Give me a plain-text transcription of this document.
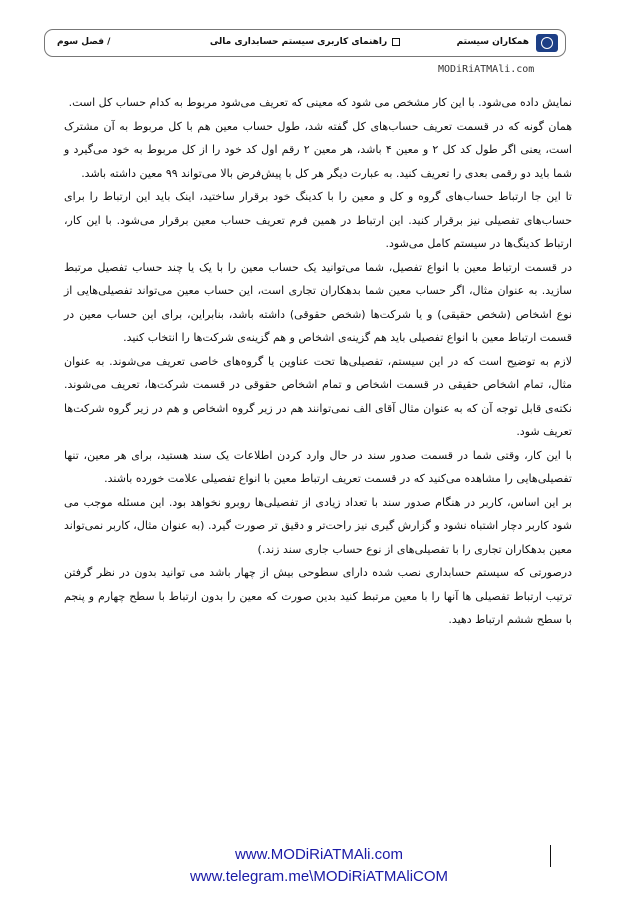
همکاران سیستم
راهنمای کاربری سیستم حسابداری مالی
/ فصل سوم
MODiRiATMAli.com

نمایش داده می‌شود. با این کار مشخص می شود که معینی که تعریف می‌شود مربوط به کدام حساب کل است.

همان گونه که در قسمت تعریف حساب‌های کل گفته شد، طول حساب معین هم با کل مربوط به آن مشترک است، یعنی اگر طول کد کل ۲ و معین ۴ باشد، هر معین ۲ رقم اول کد خود را از کل مربوط به خود می‌گیرد و شما باید دو رقمی بعدی را تعریف کنید. به عبارت دیگر هر کل با پیش‌فرض بالا می‌تواند ۹۹ معین داشته باشد.

تا این جا ارتباط حساب‌های گروه و کل و معین را با کدینگ خود برقرار ساختید، اینک باید این ارتباط را برای حساب‌های تفصیلی نیز برقرار کنید. این ارتباط در همین فرم تعریف حساب معین برقرار می‌شود. با این کار، ارتباط کدینگ‌ها در سیستم کامل می‌شود.

در قسمت ارتباط معین با انواع تفصیل، شما می‌توانید یک حساب معین را با یک یا چند حساب تفصیل مرتبط سازید. به عنوان مثال، اگر حساب معین شما بدهکاران تجاری است، این حساب معین می‌تواند تفصیلی‌هایی از نوع اشخاص (شخص حقیقی) و یا شرکت‌ها (شخص حقوقی) داشته باشد، بنابراین، برای این حساب معین در قسمت ارتباط معین با انواع تفصیلی باید هم گزینه‌ی اشخاص و هم گزینه‌ی شرکت‌ها را انتخاب کنید.

لازم به توضیح است که در این سیستم، تفصیلی‌ها تحت عناوین یا گروه‌های خاصی تعریف می‌شوند. به عنوان مثال، تمام اشخاص حقیقی در قسمت اشخاص و تمام اشخاص حقوقی در قسمت شرکت‌ها، تعریف می‌شوند. نکته‌ی قابل توجه آن که به عنوان مثال آقای الف نمی‌توانند هم در زیر گروه اشخاص و هم در زیر گروه شرکت‌ها تعریف شود.

با این کار، وقتی شما در قسمت صدور سند در حال وارد کردن اطلاعات یک سند هستید، برای هر معین، تنها تفصیلی‌هایی را مشاهده می‌کنید که در قسمت تعریف ارتباط معین با انواع تفصیلی علامت خورده باشند.

بر این اساس، کاربر در هنگام صدور سند با تعداد زیادی از تفصیلی‌ها روبرو نخواهد بود. این مسئله موجب می شود کاربر دچار اشتباه نشود و گزارش گیری نیز راحت‌تر و دقیق تر صورت گیرد. (به عنوان مثال، کاربر نمی‌تواند معین بدهکاران تجاری را با تفصیلی‌های از نوع حساب جاری سند زند.)

درصورتی که سیستم حسابداری نصب شده دارای سطوحی بیش از چهار باشد می توانید بدون در نظر گرفتن ترتیب ارتباط تفصیلی ها آنها را با معین مرتبط کنید بدین صورت که معین را بدون ارتباط با سطح چهارم و پنجم با سطح ششم ارتباط دهید.

www.MODiRiATMAli.com
www.telegram.me\MODiRiATMAliCOM
